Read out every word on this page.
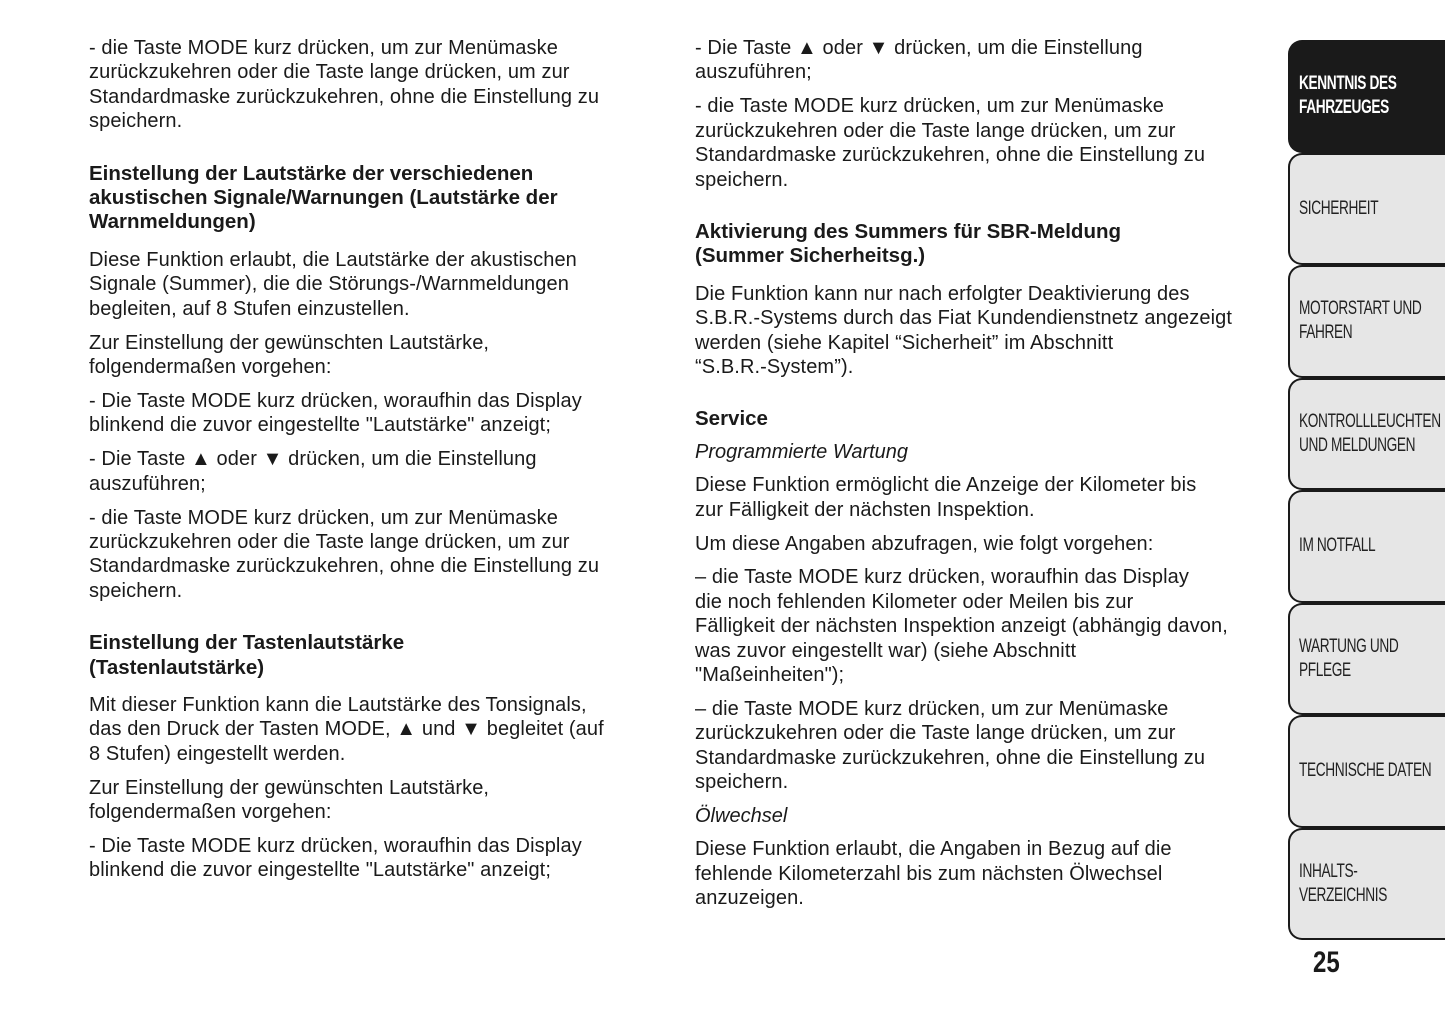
- die Taste MODE kurz drücken, um zur Menümaske
zurückzukehren oder die Taste lange drücken, um zur
Standardmaske zurückzukehren, ohne die Einstellung zu
speichern.
Einstellung der Lautstärke der verschiedenen
akustischen Signale/Warnungen (Lautstärke der
Warnmeldungen)
Diese Funktion erlaubt, die Lautstärke der akustischen
Signale (Summer), die die Störungs-/Warnmeldungen
begleiten, auf 8 Stufen einzustellen.
Zur Einstellung der gewünschten Lautstärke,
folgendermaßen vorgehen:
- Die Taste MODE kurz drücken, woraufhin das Display
blinkend die zuvor eingestellte "Lautstärke" anzeigt;
- Die Taste ▲ oder ▼ drücken, um die Einstellung
auszuführen;
- die Taste MODE kurz drücken, um zur Menümaske
zurückzukehren oder die Taste lange drücken, um zur
Standardmaske zurückzukehren, ohne die Einstellung zu
speichern.
Einstellung der Tastenlautstärke
(Tastenlautstärke)
Mit dieser Funktion kann die Lautstärke des Tonsignals,
das den Druck der Tasten MODE, ▲ und ▼ begleitet (auf
8 Stufen) eingestellt werden.
Zur Einstellung der gewünschten Lautstärke,
folgendermaßen vorgehen:
- Die Taste MODE kurz drücken, woraufhin das Display
blinkend die zuvor eingestellte "Lautstärke" anzeigt;
- Die Taste ▲ oder ▼ drücken, um die Einstellung
auszuführen;
- die Taste MODE kurz drücken, um zur Menümaske
zurückzukehren oder die Taste lange drücken, um zur
Standardmaske zurückzukehren, ohne die Einstellung zu
speichern.
Aktivierung des Summers für SBR-Meldung
(Summer Sicherheitsg.)
Die Funktion kann nur nach erfolgter Deaktivierung des
S.B.R.-Systems durch das Fiat Kundendienstnetz angezeigt
werden (siehe Kapitel “Sicherheit” im Abschnitt
“S.B.R.-System”).
Service
Programmierte Wartung
Diese Funktion ermöglicht die Anzeige der Kilometer bis
zur Fälligkeit der nächsten Inspektion.
Um diese Angaben abzufragen, wie folgt vorgehen:
– die Taste MODE kurz drücken, woraufhin das Display
die noch fehlenden Kilometer oder Meilen bis zur
Fälligkeit der nächsten Inspektion anzeigt (abhängig davon,
was zuvor eingestellt war) (siehe Abschnitt
"Maßeinheiten");
– die Taste MODE kurz drücken, um zur Menümaske
zurückzukehren oder die Taste lange drücken, um zur
Standardmaske zurückzukehren, ohne die Einstellung zu
speichern.
Ölwechsel
Diese Funktion erlaubt, die Angaben in Bezug auf die
fehlende Kilometerzahl bis zum nächsten Ölwechsel
anzuzeigen.
KENNTNIS DES
FAHRZEUGES
SICHERHEIT
MOTORSTART UND
FAHREN
KONTROLLLEUCHTEN
UND MELDUNGEN
IM NOTFALL
WARTUNG UND
PFLEGE
TECHNISCHE DATEN
INHALTS-
VERZEICHNIS
25
